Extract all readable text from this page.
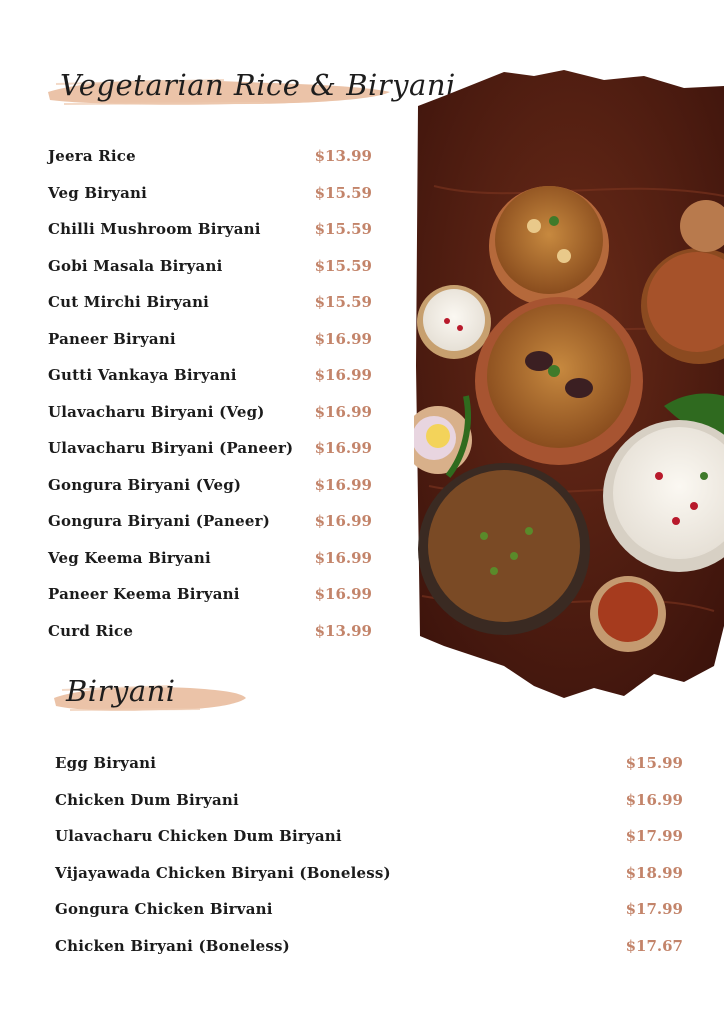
Vegetarian Rice & Biryani
Jeera Rice	$13.99
Veg Biryani	$15.59
Chilli Mushroom Biryani	$15.59
Gobi Masala Biryani	$15.59
Cut Mirchi Biryani	$15.59
Paneer Biryani	$16.99
Gutti Vankaya Biryani	$16.99
Ulavacharu Biryani (Veg)	$16.99
Ulavacharu Biryani (Paneer) $16.99
Gongura Biryani (Veg)	$16.99
Gongura Biryani (Paneer)	$16.99
Veg Keema Biryani	$16.99
Paneer Keema Biryani	$16.99
Curd Rice	$13.99
Biryani
Egg Biryani	$15.99
Chicken Dum Biryani	$16.99
Ulavacharu Chicken Dum Biryani	$17.99
Vijayawada Chicken Biryani (Boneless)	$18.99
Gongura Chicken Birvani	$17.99
Chicken Biryani (Boneless)	$17.67
